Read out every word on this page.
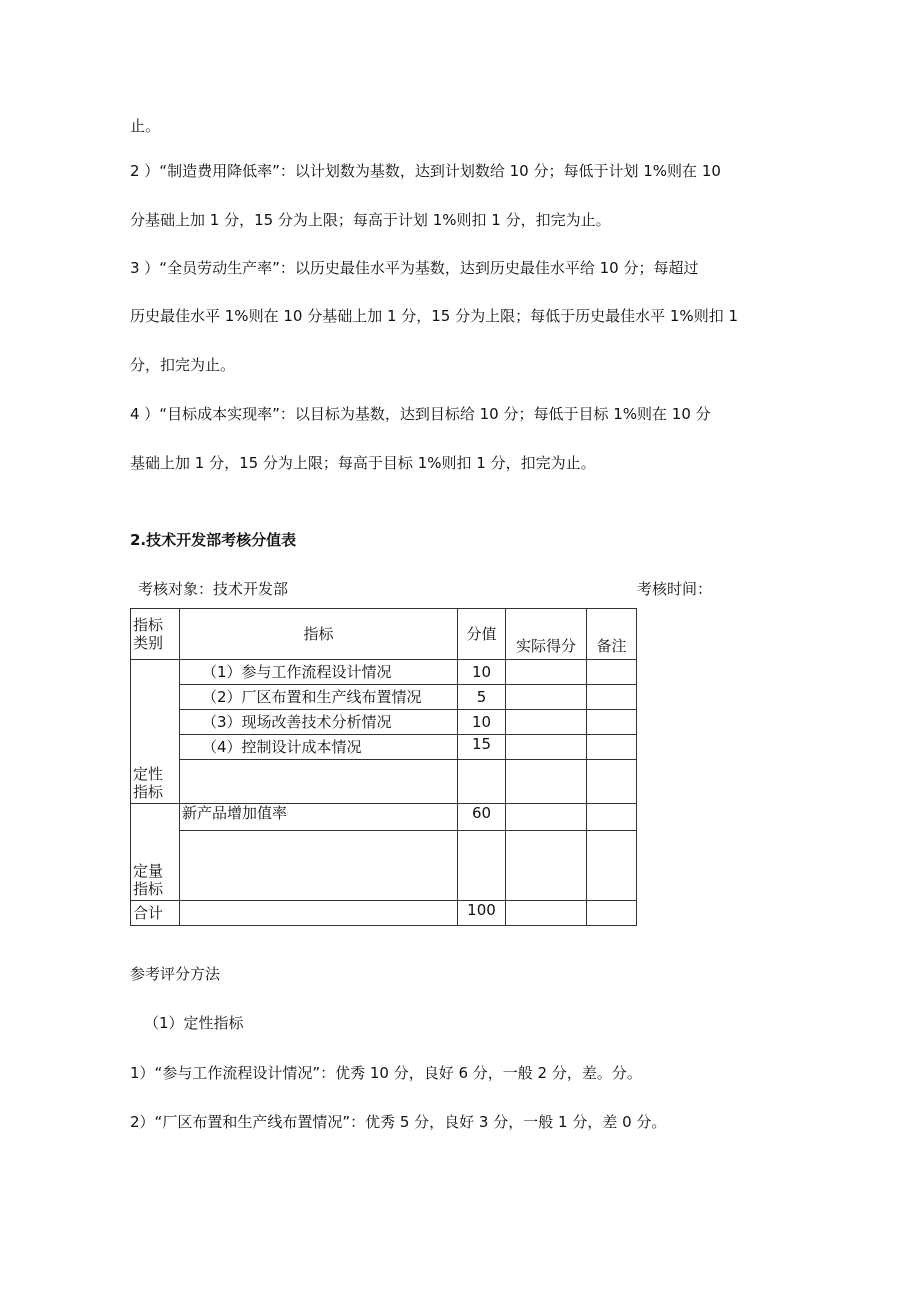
止。
2 ）“制造费用降低率”：以计划数为基数，达到计划数给 10 分；每低于计划 1%则在 10
分基础上加 1 分，15 分为上限；每高于计划 1%则扣 1 分，扣完为止。
3 ）“全员劳动生产率”：以历史最佳水平为基数，达到历史最佳水平给 10 分；每超过
历史最佳水平 1%则在 10 分基础上加 1 分，15 分为上限；每低于历史最佳水平 1%则扣 1
分，扣完为止。
4 ）“目标成本实现率”：以目标为基数，达到目标给 10 分；每低于目标 1%则在 10 分
基础上加 1 分，15 分为上限；每高于目标 1%则扣 1 分，扣完为止。
2.技术开发部考核分值表
考核对象：技术开发部	考核时间：
指标类别	指标	分值	实际得分	备注
定性指标	（1）参与工作流程设计情况	10		
	（2）厂区布置和生产线布置情况	5		
	（3）现场改善技术分析情况	10		
	（4）控制设计成本情况	15		

定量指标	新产品增加值率	60		

合计		100		
参考评分方法
（1）定性指标
1）“参与工作流程设计情况”：优秀 10 分，良好 6 分，一般 2 分，差。分。
2）“厂区布置和生产线布置情况”：优秀 5 分，良好 3 分，一般 1 分，差 0 分。
